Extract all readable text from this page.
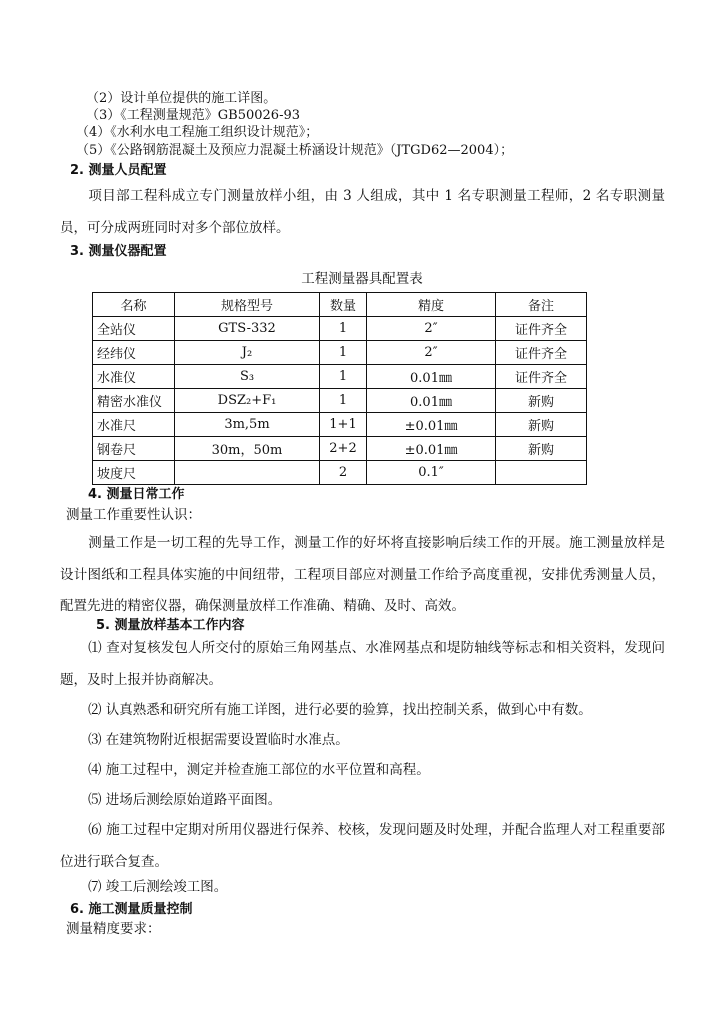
（2）设计单位提供的施工详图。
（3）《工程测量规范》GB50026-93
（4）《水利水电工程施工组织设计规范》；
（5）《公路钢筋混凝土及预应力混凝土桥涵设计规范》（JTGD62—2004）；
2. 测量人员配置
项目部工程科成立专门测量放样小组，由 3 人组成，其中 1 名专职测量工程师，2 名专职测量员，可分成两班同时对多个部位放样。
3. 测量仪器配置
工程测量器具配置表
名称	规格型号	数量	精度	备注
全站仪	GTS-332	1	2″	证件齐全
经纬仪	J₂	1	2″	证件齐全
水准仪	S₃	1	0.01㎜	证件齐全
精密水准仪	DSZ₂+F₁	1	0.01㎜	新购
水准尺	3m,5m	1+1	±0.01㎜	新购
钢卷尺	30m，50m	2+2	±0.01㎜	新购
坡度尺		2	0.1″	
4. 测量日常工作
测量工作重要性认识：
测量工作是一切工程的先导工作，测量工作的好坏将直接影响后续工作的开展。施工测量放样是设计图纸和工程具体实施的中间纽带，工程项目部应对测量工作给予高度重视，安排优秀测量人员，配置先进的精密仪器，确保测量放样工作准确、精确、及时、高效。
5. 测量放样基本工作内容
⑴ 查对复核发包人所交付的原始三角网基点、水准网基点和堤防轴线等标志和相关资料，发现问题，及时上报并协商解决。
⑵ 认真熟悉和研究所有施工详图，进行必要的验算，找出控制关系，做到心中有数。
⑶ 在建筑物附近根据需要设置临时水准点。
⑷ 施工过程中，测定并检查施工部位的水平位置和高程。
⑸ 进场后测绘原始道路平面图。
⑹ 施工过程中定期对所用仪器进行保养、校核，发现问题及时处理，并配合监理人对工程重要部位进行联合复查。
⑺ 竣工后测绘竣工图。
6. 施工测量质量控制
测量精度要求：
